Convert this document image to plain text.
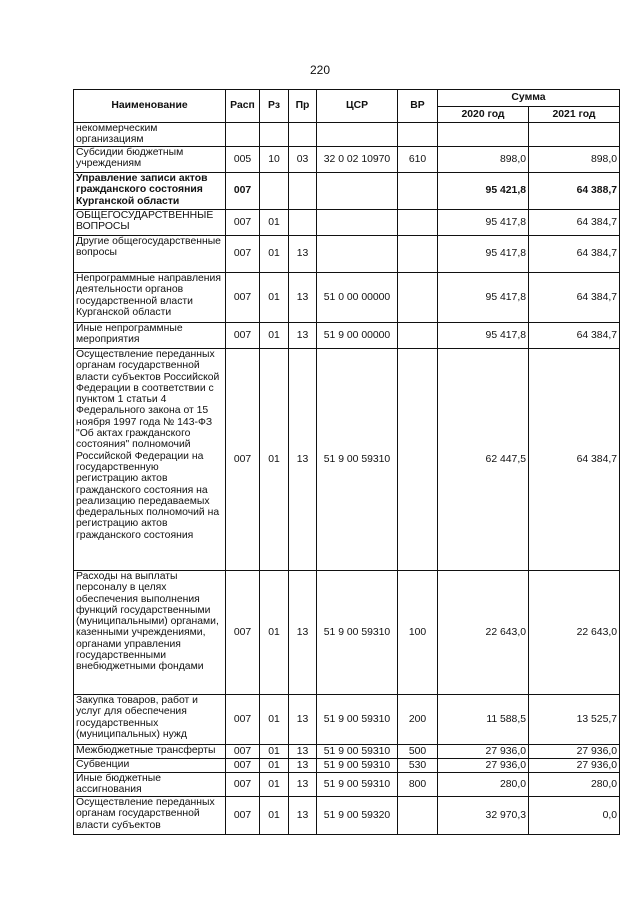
220
Наименование	Расп	Рз	Пр	ЦСР	ВР	Сумма	
						2020 год	2021 год
некоммерческим организациям							
Субсидии бюджетным учреждениям	005	10	03	32 0 02 10970	610	898,0	898,0
Управление записи актов гражданского состояния Курганской области	007					95 421,8	64 388,7
ОБЩЕГОСУДАРСТВЕННЫЕ ВОПРОСЫ	007	01				95 417,8	64 384,7
Другие общегосударственные вопросы	007	01	13			95 417,8	64 384,7
Непрограммные направления деятельности органов государственной власти Курганской области	007	01	13	51 0 00 00000		95 417,8	64 384,7
Иные непрограммные мероприятия	007	01	13	51 9 00 00000		95 417,8	64 384,7
Осуществление переданных органам государственной власти субъектов Российской Федерации в соответствии с пунктом 1 статьи 4 Федерального закона от 15 ноября 1997 года № 143-ФЗ "Об актах гражданского состояния" полномочий Российской Федерации на государственную регистрацию актов гражданского состояния на реализацию передаваемых федеральных полномочий на регистрацию актов гражданского состояния	007	01	13	51 9 00 59310		62 447,5	64 384,7
Расходы на выплаты персоналу в целях обеспечения выполнения функций государственными (муниципальными) органами, казенными учреждениями, органами управления государственными внебюджетными фондами	007	01	13	51 9 00 59310	100	22 643,0	22 643,0
Закупка товаров, работ и услуг для обеспечения государственных (муниципальных) нужд	007	01	13	51 9 00 59310	200	11 588,5	13 525,7
Межбюджетные трансферты	007	01	13	51 9 00 59310	500	27 936,0	27 936,0
Субвенции	007	01	13	51 9 00 59310	530	27 936,0	27 936,0
Иные бюджетные ассигнования	007	01	13	51 9 00 59310	800	280,0	280,0
Осуществление переданных органам государственной власти субъектов	007	01	13	51 9 00 59320		32 970,3	0,0
